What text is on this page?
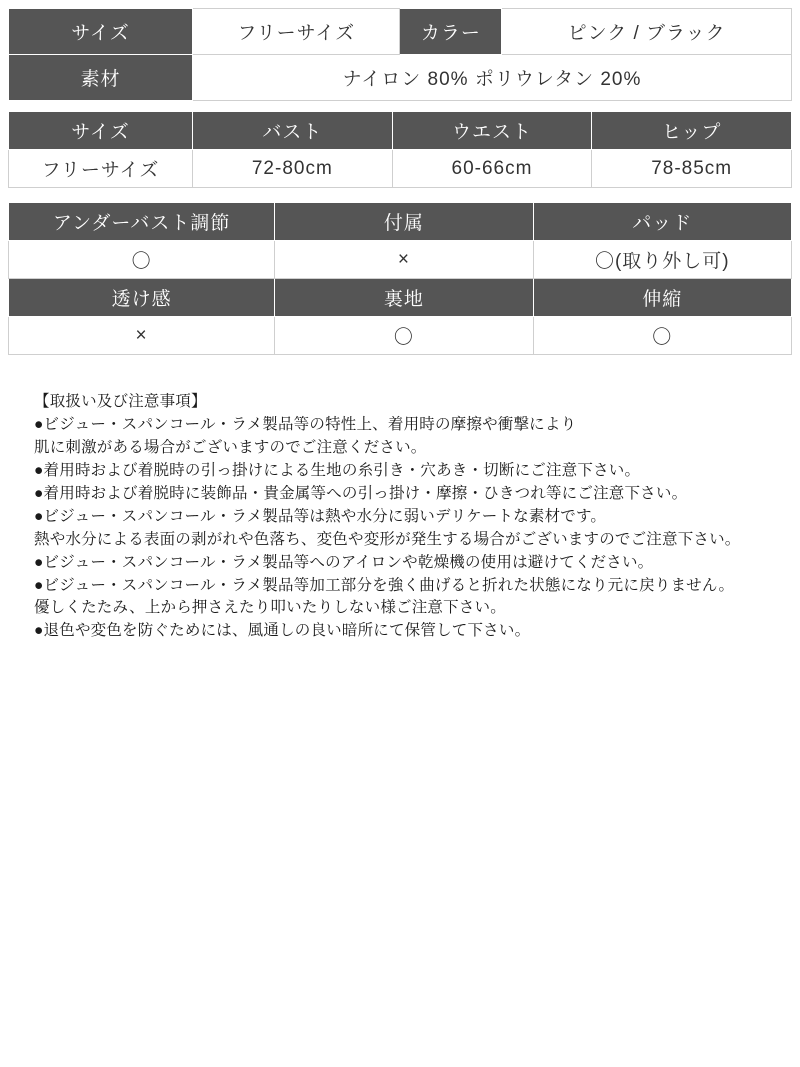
サイズ	フリーサイズ	カラー	ピンク / ブラック
素材	ナイロン 80% ポリウレタン 20%		
サイズ	バスト	ウエスト	ヒップ
フリーサイズ	72-80cm	60-66cm	78-85cm
アンダーバスト調節	付属	パッド
〇	×	〇(取り外し可)
透け感	裏地	伸縮
×	〇	〇
【取扱い及び注意事項】
●ビジュー・スパンコール・ラメ製品等の特性上、着用時の摩擦や衝撃により
肌に刺激がある場合がございますのでご注意ください。
●着用時および着脱時の引っ掛けによる生地の糸引き・穴あき・切断にご注意下さい。
●着用時および着脱時に装飾品・貴金属等への引っ掛け・摩擦・ひきつれ等にご注意下さい。
●ビジュー・スパンコール・ラメ製品等は熱や水分に弱いデリケートな素材です。
熱や水分による表面の剥がれや色落ち、変色や変形が発生する場合がございますのでご注意下さい。
●ビジュー・スパンコール・ラメ製品等へのアイロンや乾燥機の使用は避けてください。
●ビジュー・スパンコール・ラメ製品等加工部分を強く曲げると折れた状態になり元に戻りません。
優しくたたみ、上から押さえたり叩いたりしない様ご注意下さい。
●退色や変色を防ぐためには、風通しの良い暗所にて保管して下さい。
